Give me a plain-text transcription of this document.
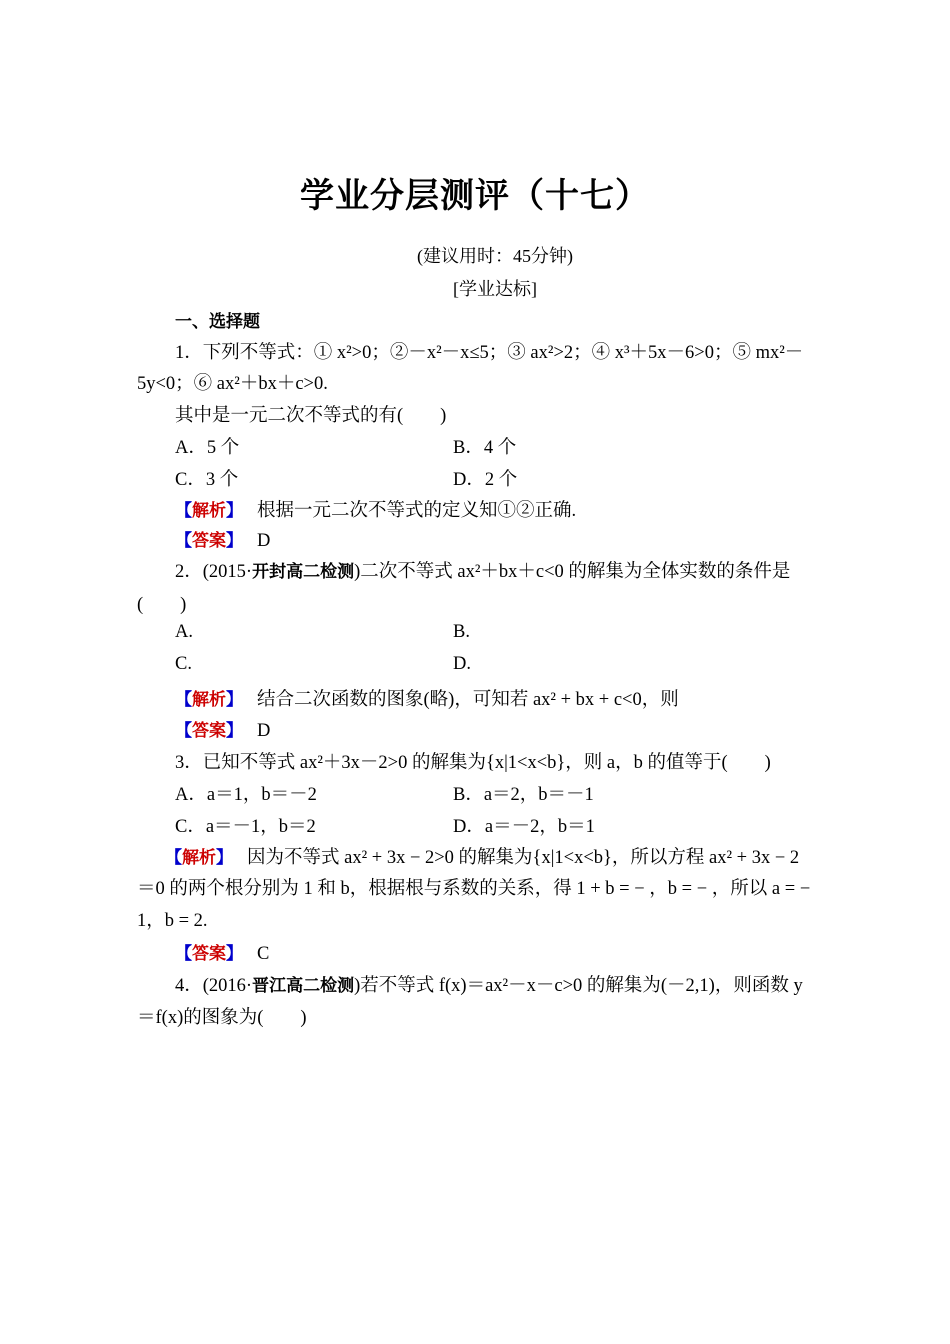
学业分层测评（十七）
(建议用时：45分钟)
[学业达标]
一、选择题
1．下列不等式：① x²>0；②－x²－x≤5；③ ax²>2；④ x³＋5x－6>0；⑤ mx²－
5y<0；⑥ ax²＋bx＋c>0.
其中是一元二次不等式的有(　　)
A．5 个	B．4 个
C．3 个	D．2 个
【解析】 根据一元二次不等式的定义知①②正确.
【答案】 D
2．(2015·开封高二检测)二次不等式 ax²＋bx＋c<0 的解集为全体实数的条件是
(　　)
A.	B.
C.	D.
【解析】 结合二次函数的图象(略)，可知若 ax² + bx + c<0，则
【答案】 D
3．已知不等式 ax²＋3x－2>0 的解集为{x|1<x<b}，则 a，b 的值等于(　　)
A．a＝1，b＝－2	B．a＝2，b＝－1
C．a＝－1，b＝2	D．a＝－2，b＝1
【解析】 因为不等式 ax² + 3x − 2>0 的解集为{x|1<x<b}，所以方程 ax² + 3x − 2
＝0 的两个根分别为 1 和 b，根据根与系数的关系，得 1 + b = − ，b = − ，所以 a = −
1，b = 2.
【答案】 C
4．(2016·晋江高二检测)若不等式 f(x)＝ax²－x－c>0 的解集为(－2,1)，则函数 y
＝f(x)的图象为(　　)
